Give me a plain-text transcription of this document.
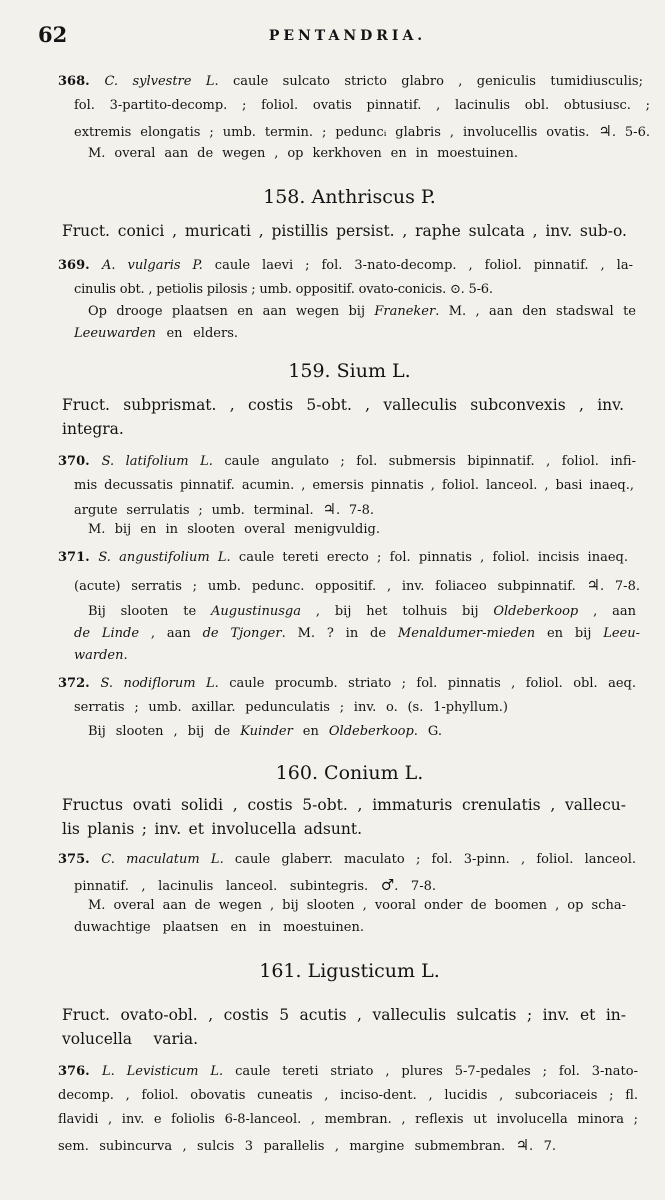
62	PENTANDRIA.
368. C. sylvestre L. caule sulcato stricto glabro , geniculis tumidiusculis;
fol. 3-partito-decomp. ; foliol. ovatis pinnatif. , lacinulis obl. obtusiusc. ;
extremis elongatis ; umb. termin. ; peduncᵢ glabris , involucellis ovatis. ♃. 5-6.
M. overal aan de wegen , op kerkhoven en in moestuinen.
158. Anthriscus P.
Fruct. conici , muricati , pistillis persist. , raphe sulcata , inv. sub-o.
369. A. vulgaris P. caule laevi ; fol. 3-nato-decomp. , foliol. pinnatif. , la-
cinulis obt. , petiolis pilosis ; umb. oppositif. ovato-conicis. ⊙. 5-6.
Op drooge plaatsen en aan wegen bij Franeker. M. , aan den stadswal te
Leeuwarden en elders.
159. Sium L.
Fruct. subprismat. , costis 5-obt. , valleculis subconvexis , inv.
integra.
370. S. latifolium L. caule angulato ; fol. submersis bipinnatif. , foliol. infi-
mis decussatis pinnatif. acumin. , emersis pinnatis , foliol. lanceol. , basi inaeq.,
argute serrulatis ; umb. terminal. ♃. 7-8.
M. bij en in slooten overal menigvuldig.
371. S. angustifolium L. caule tereti erecto ; fol. pinnatis , foliol. incisis inaeq.
(acute) serratis ; umb. pedunc. oppositif. , inv. foliaceo subpinnatif. ♃. 7-8.
Bij slooten te Augustinusga , bij het tolhuis bij Oldeberkoop , aan
de Linde , aan de Tjonger. M. ? in de Menaldumer-mieden en bij Leeu-
warden.
372. S. nodiflorum L. caule procumb. striato ; fol. pinnatis , foliol. obl. aeq.
serratis ; umb. axillar. pedunculatis ; inv. o. (s. 1-phyllum.)
Bij slooten , bij de Kuinder en Oldeberkoop. G.
160. Conium L.
Fructus ovati solidi , costis 5-obt. , immaturis crenulatis , vallecu-
lis planis ; inv. et involucella adsunt.
375. C. maculatum L. caule glaberr. maculato ; fol. 3-pinn. , foliol. lanceol.
pinnatif. , lacinulis lanceol. subintegris. ♂. 7-8.
M. overal aan de wegen , bij slooten , vooral onder de boomen , op scha-
duwachtige plaatsen en in moestuinen.
161. Ligusticum L.
Fruct. ovato-obl. , costis 5 acutis , valleculis sulcatis ; inv. et in-
volucella varia.
376. L. Levisticum L. caule tereti striato , plures 5-7-pedales ; fol. 3-nato-
decomp. , foliol. obovatis cuneatis , inciso-dent. , lucidis , subcoriaceis ; fl.
flavidi , inv. e foliolis 6-8-lanceol. , membran. , reflexis ut involucella minora ;
sem. subincurva , sulcis 3 parallelis , margine submembran. ♃. 7.
